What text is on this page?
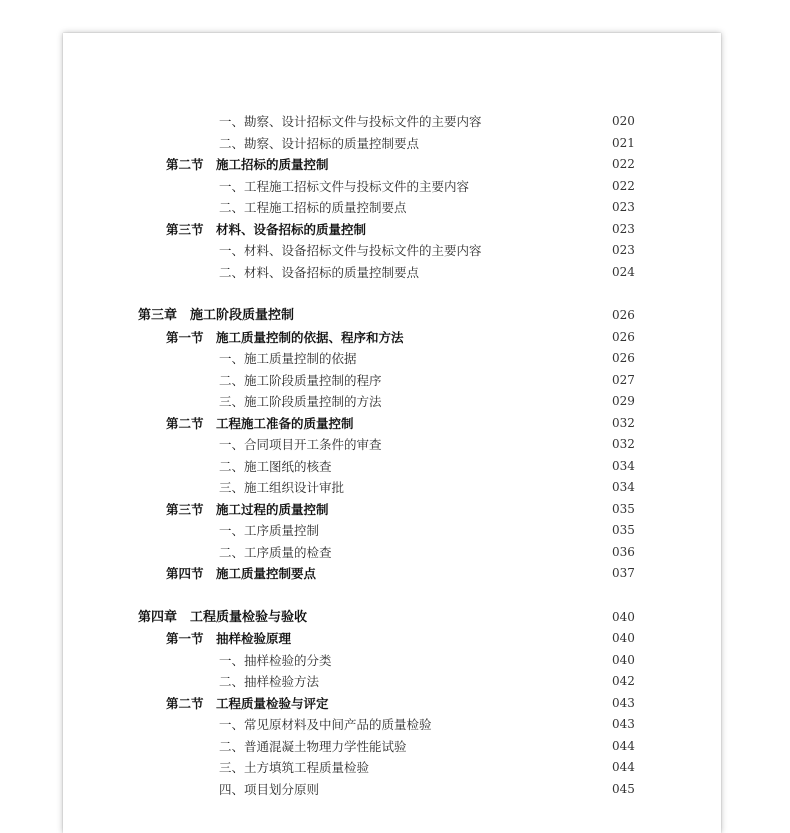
一、勘察、设计招标文件与投标文件的主要内容	020
二、勘察、设计招标的质量控制要点	021
第二节　施工招标的质量控制	022
一、工程施工招标文件与投标文件的主要内容	022
二、工程施工招标的质量控制要点	023
第三节　材料、设备招标的质量控制	023
一、材料、设备招标文件与投标文件的主要内容	023
二、材料、设备招标的质量控制要点	024
第三章　施工阶段质量控制	026
第一节　施工质量控制的依据、程序和方法	026
一、施工质量控制的依据	026
二、施工阶段质量控制的程序	027
三、施工阶段质量控制的方法	029
第二节　工程施工准备的质量控制	032
一、合同项目开工条件的审查	032
二、施工图纸的核查	034
三、施工组织设计审批	034
第三节　施工过程的质量控制	035
一、工序质量控制	035
二、工序质量的检查	036
第四节　施工质量控制要点	037
第四章　工程质量检验与验收	040
第一节　抽样检验原理	040
一、抽样检验的分类	040
二、抽样检验方法	042
第二节　工程质量检验与评定	043
一、常见原材料及中间产品的质量检验	043
二、普通混凝土物理力学性能试验	044
三、土方填筑工程质量检验	044
四、项目划分原则	045
